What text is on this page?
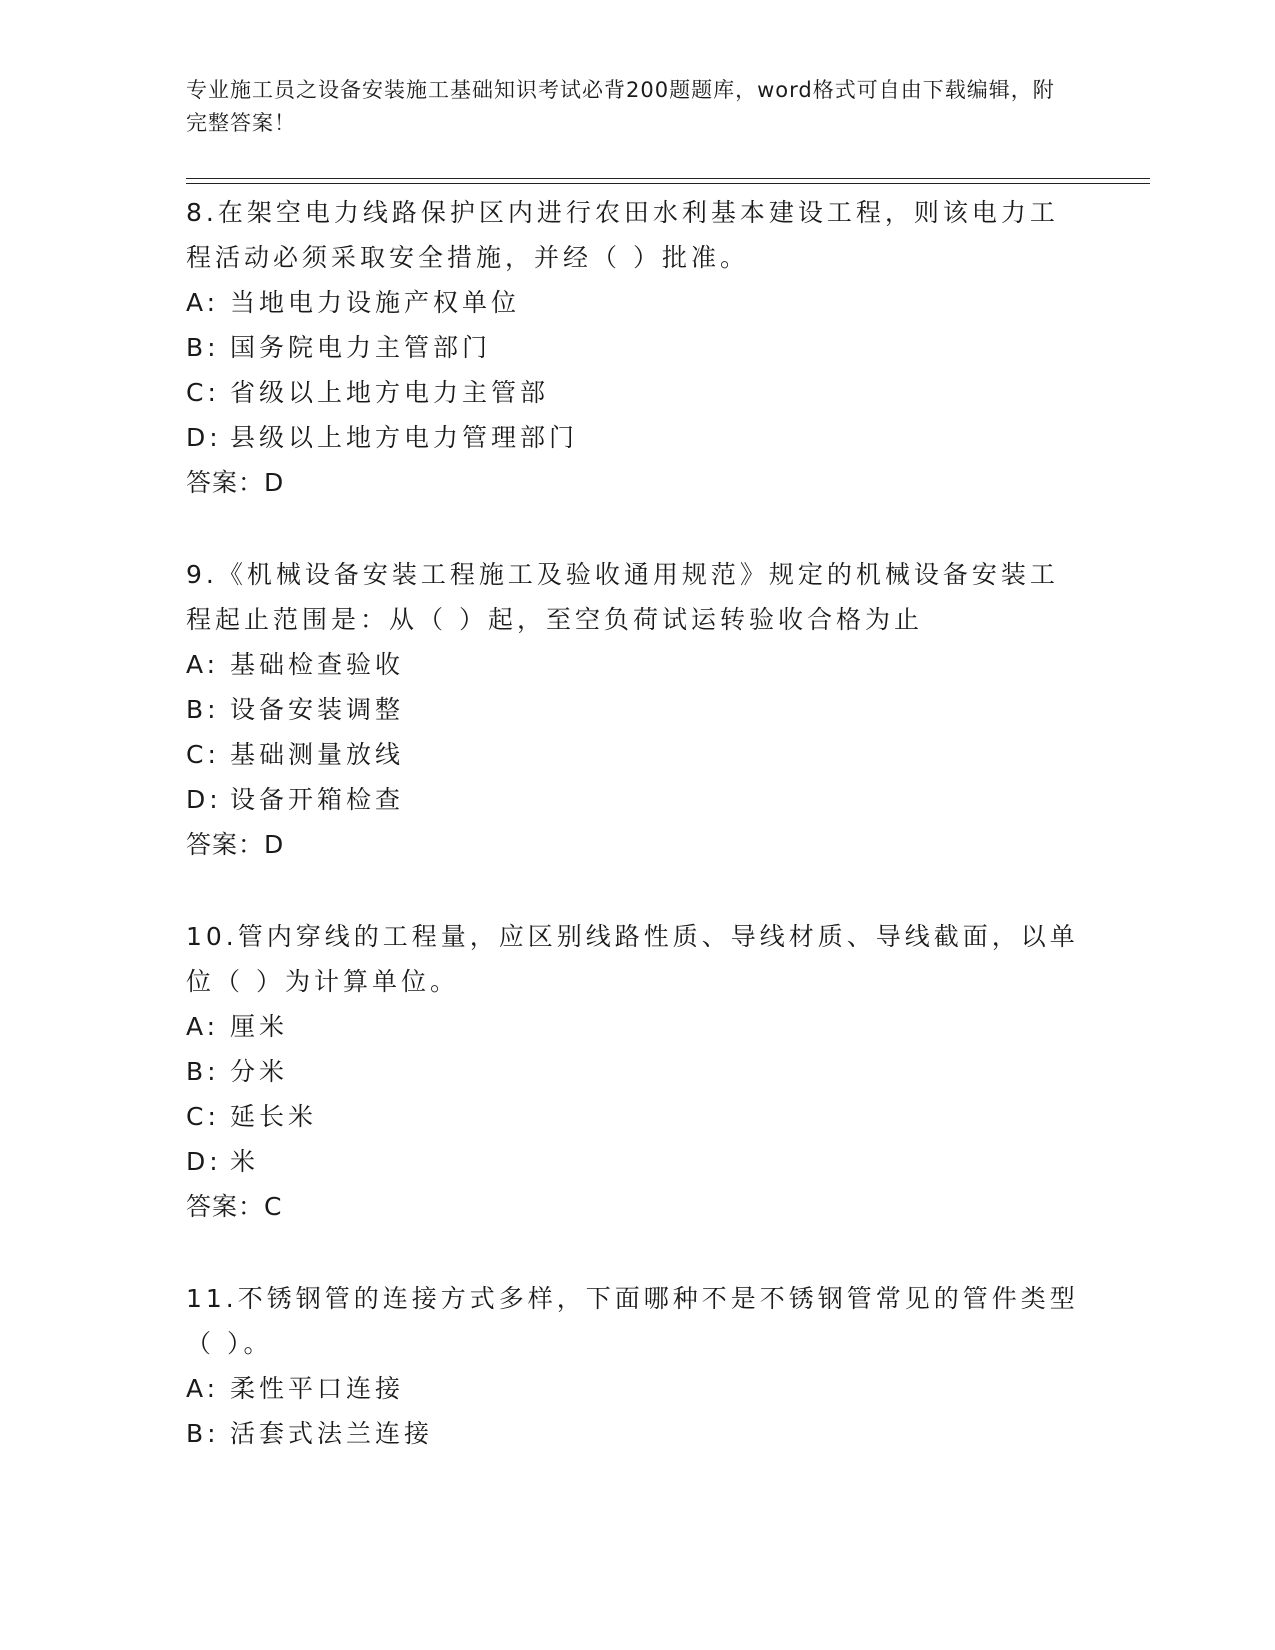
专业施工员之设备安装施工基础知识考试必背200题题库，word格式可自由下载编辑，附完整答案！
8.在架空电力线路保护区内进行农田水利基本建设工程，则该电力工程活动必须采取安全措施，并经（ ）批准。
A: 当地电力设施产权单位
B: 国务院电力主管部门
C: 省级以上地方电力主管部
D: 县级以上地方电力管理部门
答案：D
9.《机械设备安装工程施工及验收通用规范》规定的机械设备安装工程起止范围是：从（ ）起，至空负荷试运转验收合格为止
A: 基础检查验收
B: 设备安装调整
C: 基础测量放线
D: 设备开箱检查
答案：D
10.管内穿线的工程量，应区别线路性质、导线材质、导线截面，以单位（ ）为计算单位。
A: 厘米
B: 分米
C: 延长米
D: 米
答案：C
11.不锈钢管的连接方式多样，下面哪种不是不锈钢管常见的管件类型（ ）。
A: 柔性平口连接
B: 活套式法兰连接
